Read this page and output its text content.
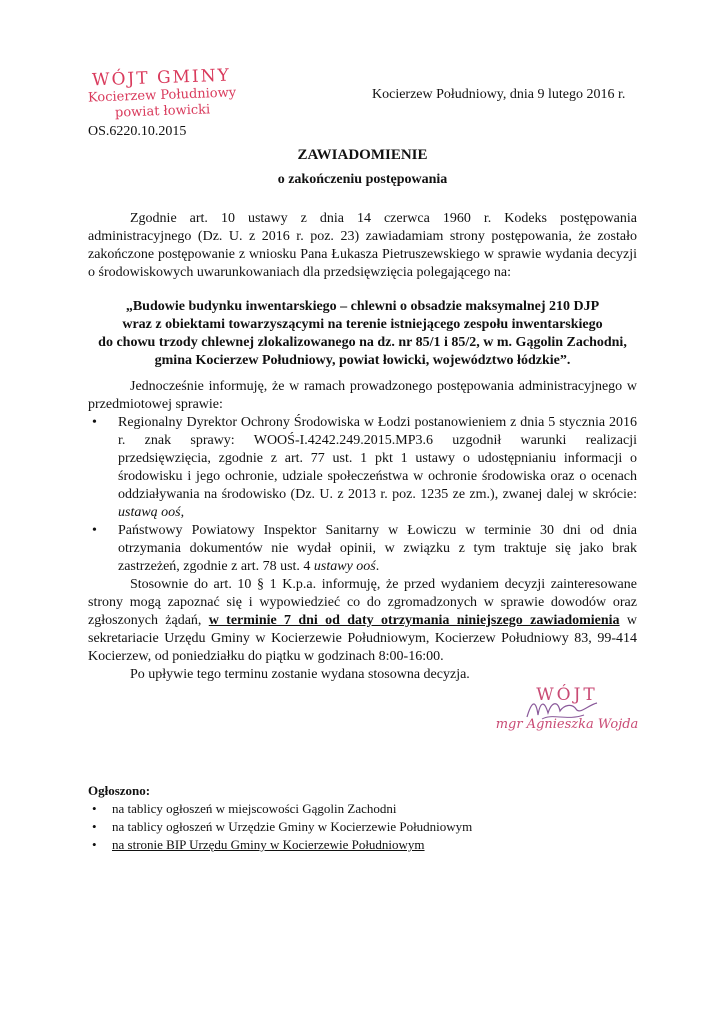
WÓJT GMINY
Kocierzew Południowy
powiat łowicki
Kocierzew Południowy, dnia 9 lutego 2016 r.
OS.6220.10.2015
ZAWIADOMIENIE
o zakończeniu postępowania
Zgodnie art. 10 ustawy z dnia 14 czerwca 1960 r. Kodeks postępowania administracyjnego (Dz. U. z 2016 r. poz. 23) zawiadamiam strony postępowania, że zostało zakończone postępowanie z wniosku Pana Łukasza Pietruszewskiego w sprawie wydania decyzji o środowiskowych uwarunkowaniach dla przedsięwzięcia polegającego na:
„Budowie budynku inwentarskiego – chlewni o obsadzie maksymalnej 210 DJP
wraz z obiektami towarzyszącymi na terenie istniejącego zespołu inwentarskiego
do chowu trzody chlewnej zlokalizowanego na dz. nr 85/1 i 85/2, w m. Gągolin Zachodni,
gmina Kocierzew Południowy, powiat łowicki, województwo łódzkie”.
Jednocześnie informuję, że w ramach prowadzonego postępowania administracyjnego w przedmiotowej sprawie:
• Regionalny Dyrektor Ochrony Środowiska w Łodzi postanowieniem z dnia 5 stycznia 2016 r. znak sprawy: WOOŚ-I.4242.249.2015.MP3.6 uzgodnił warunki realizacji przedsięwzięcia, zgodnie z art. 77 ust. 1 pkt 1 ustawy o udostępnianiu informacji o środowisku i jego ochronie, udziale społeczeństwa w ochronie środowiska oraz o ocenach oddziaływania na środowisko (Dz. U. z 2013 r. poz. 1235 ze zm.), zwanej dalej w skrócie: ustawą ooś,
• Państwowy Powiatowy Inspektor Sanitarny w Łowiczu w terminie 30 dni od dnia otrzymania dokumentów nie wydał opinii, w związku z tym traktuje się jako brak zastrzeżeń, zgodnie z art. 78 ust. 4 ustawy ooś.
Stosownie do art. 10 § 1 K.p.a. informuję, że przed wydaniem decyzji zainteresowane strony mogą zapoznać się i wypowiedzieć co do zgromadzonych w sprawie dowodów oraz zgłoszonych żądań, w terminie 7 dni od daty otrzymania niniejszego zawiadomienia w sekretariacie Urzędu Gminy w Kocierzewie Południowym, Kocierzew Południowy 83, 99-414 Kocierzew, od poniedziałku do piątku w godzinach 8:00-16:00.
Po upływie tego terminu zostanie wydana stosowna decyzja.
WÓJT
mgr Agnieszka Wojda
Ogłoszono:
• na tablicy ogłoszeń w miejscowości Gągolin Zachodni
• na tablicy ogłoszeń w Urzędzie Gminy w Kocierzewie Południowym
• na stronie BIP Urzędu Gminy w Kocierzewie Południowym
